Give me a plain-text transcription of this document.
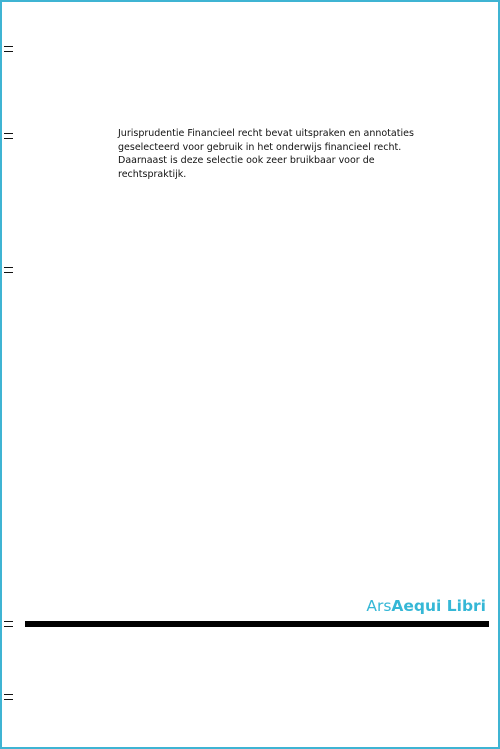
Jurisprudentie Financieel recht bevat uitspraken en annotaties
geselecteerd voor gebruik in het onderwijs financieel recht.
Daarnaast is deze selectie ook zeer bruikbaar voor de
rechtspraktijk.

ArsAequi Libri
